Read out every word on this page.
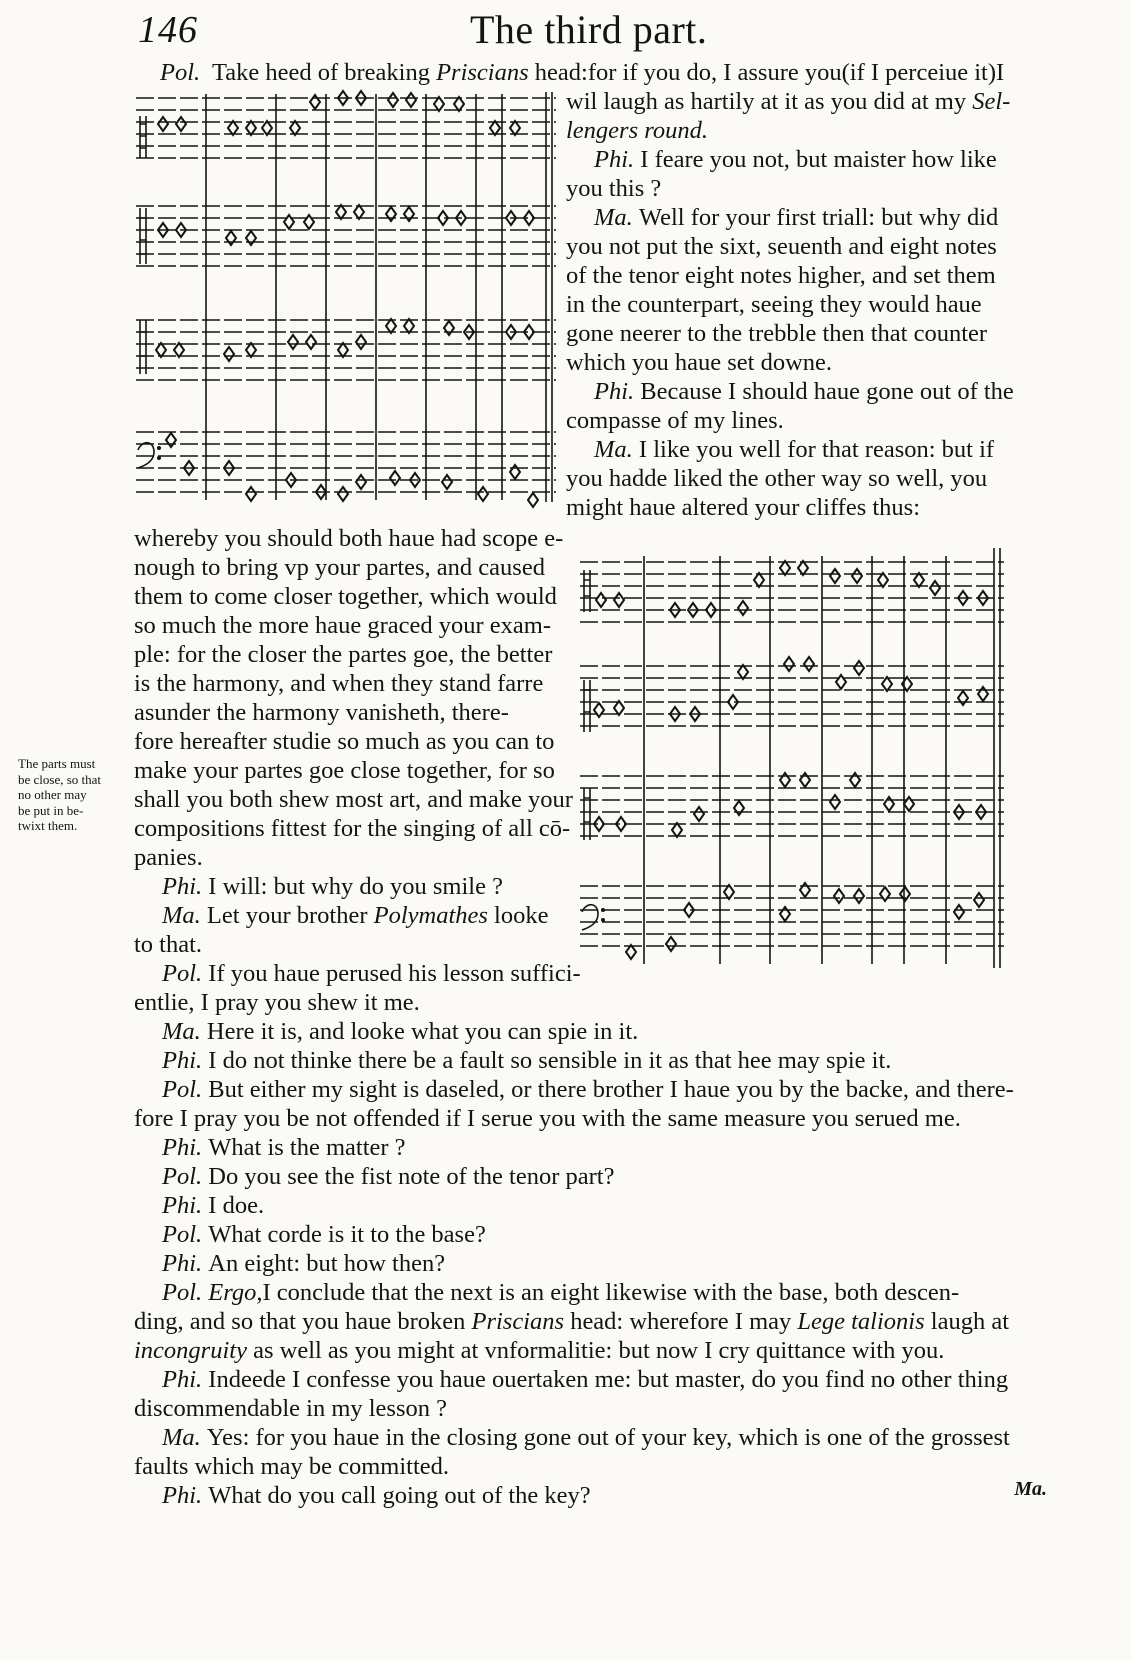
146	The third part.
Pol. Take heed of breaking Priscians head:for if you do, I assure you(if I perceiue it)I
wil laugh as hartily at it as you did at my Sel-
lengers round.
Phi. I feare you not, but maister how like
you this ?
Ma. Well for your first triall: but why did
you not put the sixt, seuenth and eight notes
of the tenor eight notes higher, and set them
in the counterpart, seeing they would haue
gone neerer to the trebble then that counter
which you haue set downe.
Phi. Because I should haue gone out of the
compasse of my lines.
Ma. I like you well for that reason: but if
you hadde liked the other way so well, you
might haue altered your cliffes thus:
whereby you should both haue had scope e-
nough to bring vp your partes, and caused
them to come closer together, which would
so much the more haue graced your exam-
ple: for the closer the partes goe, the better
is the harmony, and when they stand farre
asunder the harmony vanisheth, there-
fore hereafter studie so much as you can to
make your partes goe close together, for so
shall you both shew most art, and make your
compositions fittest for the singing of all cō-
panies.
Phi. I will: but why do you smile ?
Ma. Let your brother Polymathes looke
to that.
Pol. If you haue perused his lesson suffici-
entlie, I pray you shew it me.
The parts must
be close, so that
no other may
be put in be-
twixt them.
Ma. Here it is, and looke what you can spie in it.
Phi. I do not thinke there be a fault so sensible in it as that hee may spie it.
Pol. But either my sight is daseled, or there brother I haue you by the backe, and there-
fore I pray you be not offended if I serue you with the same measure you serued me.
Phi. What is the matter ?
Pol. Do you see the fist note of the tenor part?
Phi. I doe.
Pol. What corde is it to the base?
Phi. An eight: but how then?
Pol. Ergo,I conclude that the next is an eight likewise with the base, both descen-
ding, and so that you haue broken Priscians head: wherefore I may Lege talionis laugh at
incongruity as well as you might at vnformalitie: but now I cry quittance with you.
Phi. Indeede I confesse you haue ouertaken me: but master, do you find no other thing
discommendable in my lesson ?
Ma. Yes: for you haue in the closing gone out of your key, which is one of the grossest
faults which may be committed.
Phi. What do you call going out of the key?	Ma.
